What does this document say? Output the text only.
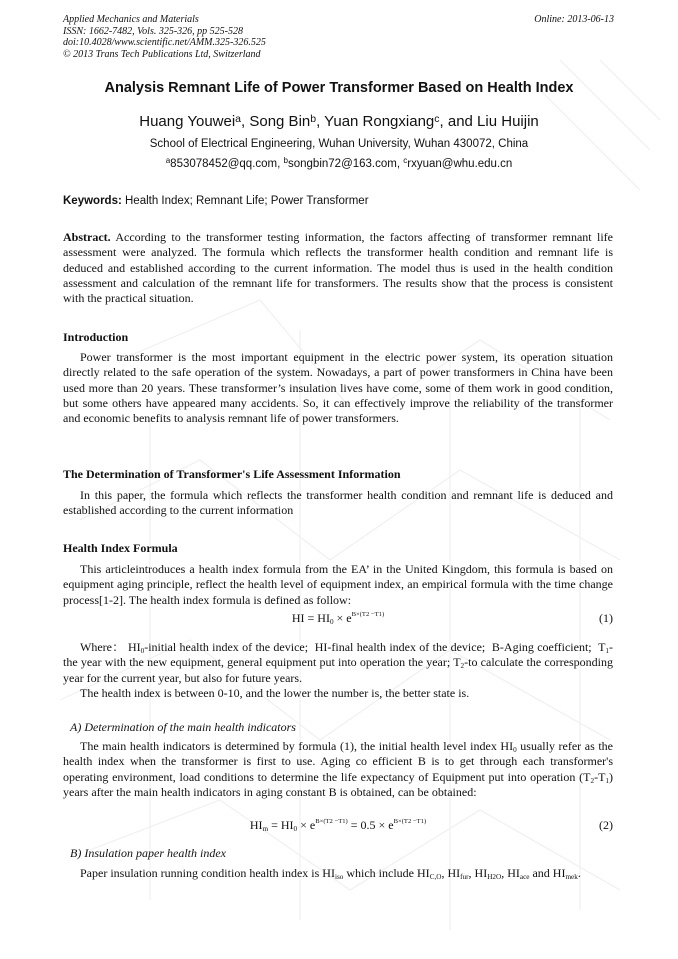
Applied Mechanics and Materials
ISSN: 1662-7482, Vols. 325-326, pp 525-528
doi:10.4028/www.scientific.net/AMM.325-326.525
© 2013 Trans Tech Publications Ltd, Switzerland
Online: 2013-06-13
Analysis Remnant Life of Power Transformer Based on Health Index
Huang Youwei$^a$, Song Bin$^b$, Yuan Rongxiang$^c$, and Liu Huijin
School of Electrical Engineering, Wuhan University, Wuhan 430072, China
$^a$853078452@qq.com, $^b$songbin72@163.com, $^c$rxyuan@whu.edu.cn
Keywords: Health Index; Remnant Life; Power Transformer

Abstract. According to the transformer testing information, the factors affecting of transformer remnant life assessment were analyzed. The formula which reflects the transformer health condition and remnant life is deduced and established according to the current information. The model thus is used in the health condition assessment and calculation of the remnant life for transformers. The results show that the process is consistent with the practical situation.

Introduction

Power transformer is the most important equipment in the electric power system, its operation situation directly related to the safe operation of the system. Nowadays, a part of power transformers in China have been used more than 20 years. These transformer’s insulation lives have come, some of them work in good condition, but some others have appeared many accidents. So, it can effectively improve the reliability of the transformer and economic benefits to analysis remnant life of power transformers.

The Determination of Transformer's Life Assessment Information

In this paper, the formula which reflects the transformer health condition and remnant life is deduced and established according to the current information

Health Index Formula

This articleintroduces a health index formula from the EA’ in the United Kingdom, this formula is based on equipment aging principle, reflect the health level of equipment index, an empirical formula with the time change process[1-2]. The health index formula is defined as follow:

HI = $HI_0 \times e^{B\times(T2 -T1)}$	(1)

Where： $HI_0$-initial health index of the device; HI-final health index of the device; B-Aging coefficient; $T_1$-the year with the new equipment, general equipment put into operation the year; $T_2-to$ calculate the corresponding year for the current year, but also for future years.

The health index is between 0-10, and the lower the number is, the better state is.

A) Determination of the main health indicators

The main health indicators is determined by formula (1), the initial health level index $HI_0$ usually refer as the health index when the transformer is first to use. Aging co efficient B is to get through each transformer's operating environment, load conditions to determine the life expectancy of Equipment put into operation $(T_2-T_1)$ years after the main health indicators in aging constant B is obtained, can be obtained:

$HI_m = HI_0 \times e^{B\times(T2 -T1)} = 0.5 \times e^{B\times(T2 -T1)}$	(2)
B) Insulation paper health index

Paper insulation running condition health index is $HI_{iso}$ which include $HI_{C,O}$, $HI_{fur}$, $HI_{H2O}$, $HI_{ace}$ and $HI_{mek}$.
